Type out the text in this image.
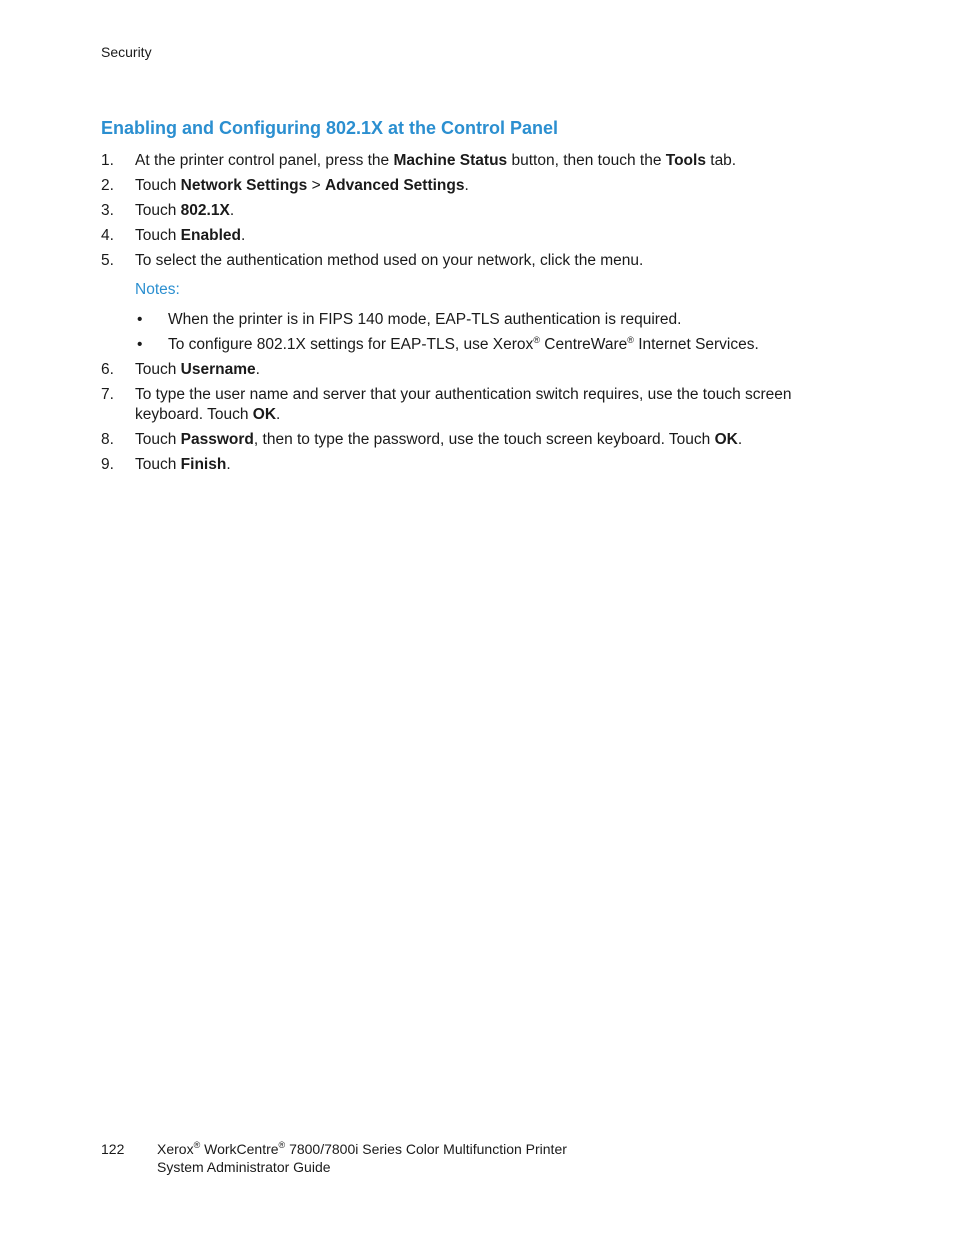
Security
Enabling and Configuring 802.1X at the Control Panel
1. At the printer control panel, press the Machine Status button, then touch the Tools tab.
2. Touch Network Settings > Advanced Settings.
3. Touch 802.1X.
4. Touch Enabled.
5. To select the authentication method used on your network, click the menu.
Notes:
• When the printer is in FIPS 140 mode, EAP-TLS authentication is required.
• To configure 802.1X settings for EAP-TLS, use Xerox® CentreWare® Internet Services.
6. Touch Username.
7. To type the user name and server that your authentication switch requires, use the touch screen keyboard. Touch OK.
8. Touch Password, then to type the password, use the touch screen keyboard. Touch OK.
9. Touch Finish.
122 Xerox® WorkCentre® 7800/7800i Series Color Multifunction Printer
System Administrator Guide
